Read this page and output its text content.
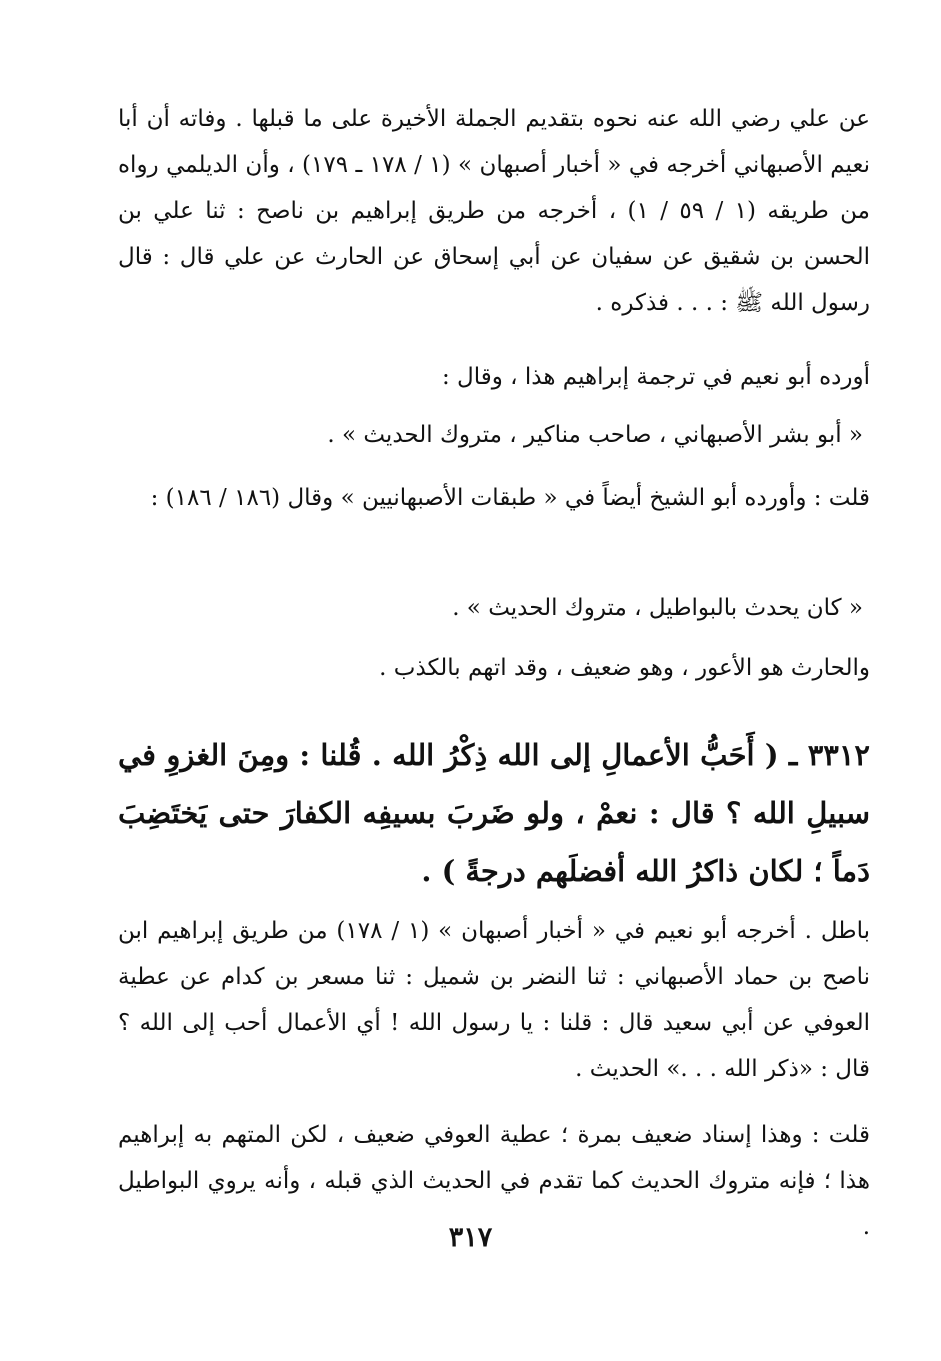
عن علي رضي الله عنه نحوه بتقديم الجملة الأخيرة على ما قبلها . وفاته أن أبا نعيم الأصبهاني أخرجه في « أخبار أصبهان » (١ / ١٧٨ ـ ١٧٩) ، وأن الديلمي رواه من طريقه (١ / ٥٩ / ١) ، أخرجه من طريق إبراهيم بن ناصح : ثنا علي بن الحسن بن شقيق عن سفيان عن أبي إسحاق عن الحارث عن علي قال : قال رسول الله ﷺ : . . . فذكره .

أورده أبو نعيم في ترجمة إبراهيم هذا ، وقال :

« أبو بشر الأصبهاني ، صاحب مناكير ، متروك الحديث » .

قلت : وأورده أبو الشيخ أيضاً في « طبقات الأصبهانيين » وقال (١٨٦ / ١٨٦) :

« كان يحدث بالبواطيل ، متروك الحديث » .

والحارث هو الأعور ، وهو ضعيف ، وقد اتهم بالكذب .

٣٣١٢ ـ ( أَحَبُّ الأعمالِ إلى الله ذِكْرُ الله . قُلنا : ومِنَ الغزوِ في سبيلِ الله ؟ قال : نعمْ ، ولو ضَربَ بسيفِه الكفارَ حتى يَختَضِبَ دَماً ؛ لكان ذاكرُ الله أفضلَهم درجةً ) .

باطل . أخرجه أبو نعيم في « أخبار أصبهان » (١ / ١٧٨) من طريق إبراهيم ابن ناصح بن حماد الأصبهاني : ثنا النضر بن شميل : ثنا مسعر بن كدام عن عطية العوفي عن أبي سعيد قال : قلنا : يا رسول الله ! أي الأعمال أحب إلى الله ؟ قال : «ذكر الله . . .» الحديث .

قلت : وهذا إسناد ضعيف بمرة ؛ عطية العوفي ضعيف ، لكن المتهم به إبراهيم هذا ؛ فإنه متروك الحديث كما تقدم في الحديث الذي قبله ، وأنه يروي البواطيل .

٣١٧
